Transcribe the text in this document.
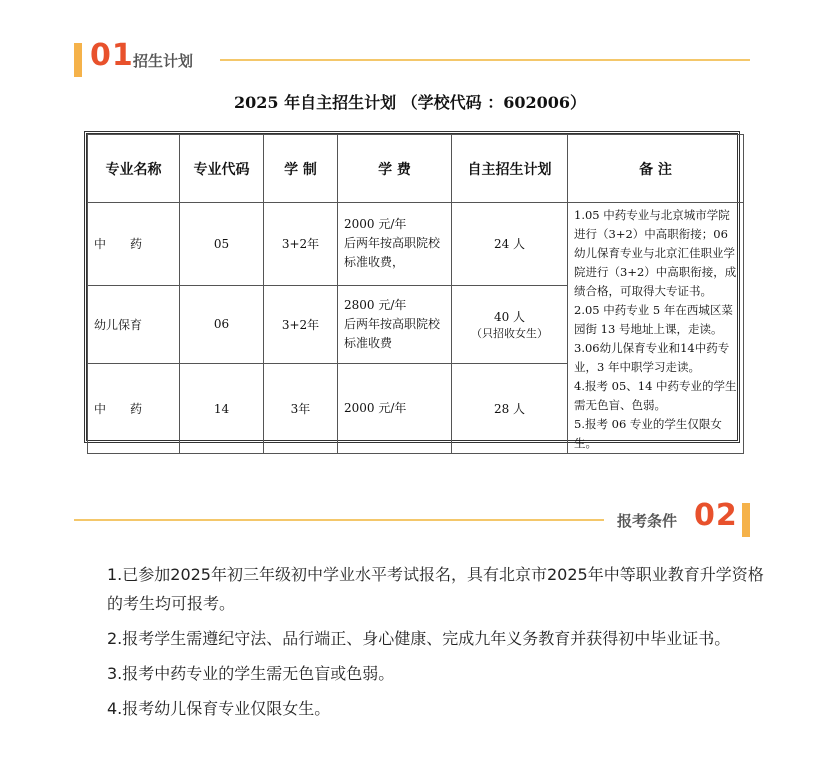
01 招生计划
2025 年自主招生计划 （学校代码 ：602006）
专业名称	专业代码	学 制	学 费	自主招生计划	备 注
中　　药	05	3+2年	2000 元/年
后两年按高职院校
标准收费，	24 人	1.05 中药专业与北京城市学院进行（3+2）中高职衔接；06 幼儿保育专业与北京汇佳职业学院进行（3+2）中高职衔接，成绩合格，可取得大专证书。
2.05 中药专业 5 年在西城区菜园街 13 号地址上课，走读。
3.06幼儿保育专业和14中药专业，3 年中职学习走读。
4.报考 05、14 中药专业的学生需无色盲、色弱。
5.报考 06 专业的学生仅限女生。

幼儿保育	06	3+2年	2800 元/年
后两年按高职院校
标准收费	40 人
（只招收女生）	

中　　药	14	3年	2000 元/年	28 人	
报考条件 02

1.已参加2025年初三年级初中学业水平考试报名，具有北京市2025年中等职业教育升学资格的考生均可报考。

2.报考学生需遵纪守法、品行端正、身心健康、完成九年义务教育并获得初中毕业证书。

3.报考中药专业的学生需无色盲或色弱。

4.报考幼儿保育专业仅限女生。
